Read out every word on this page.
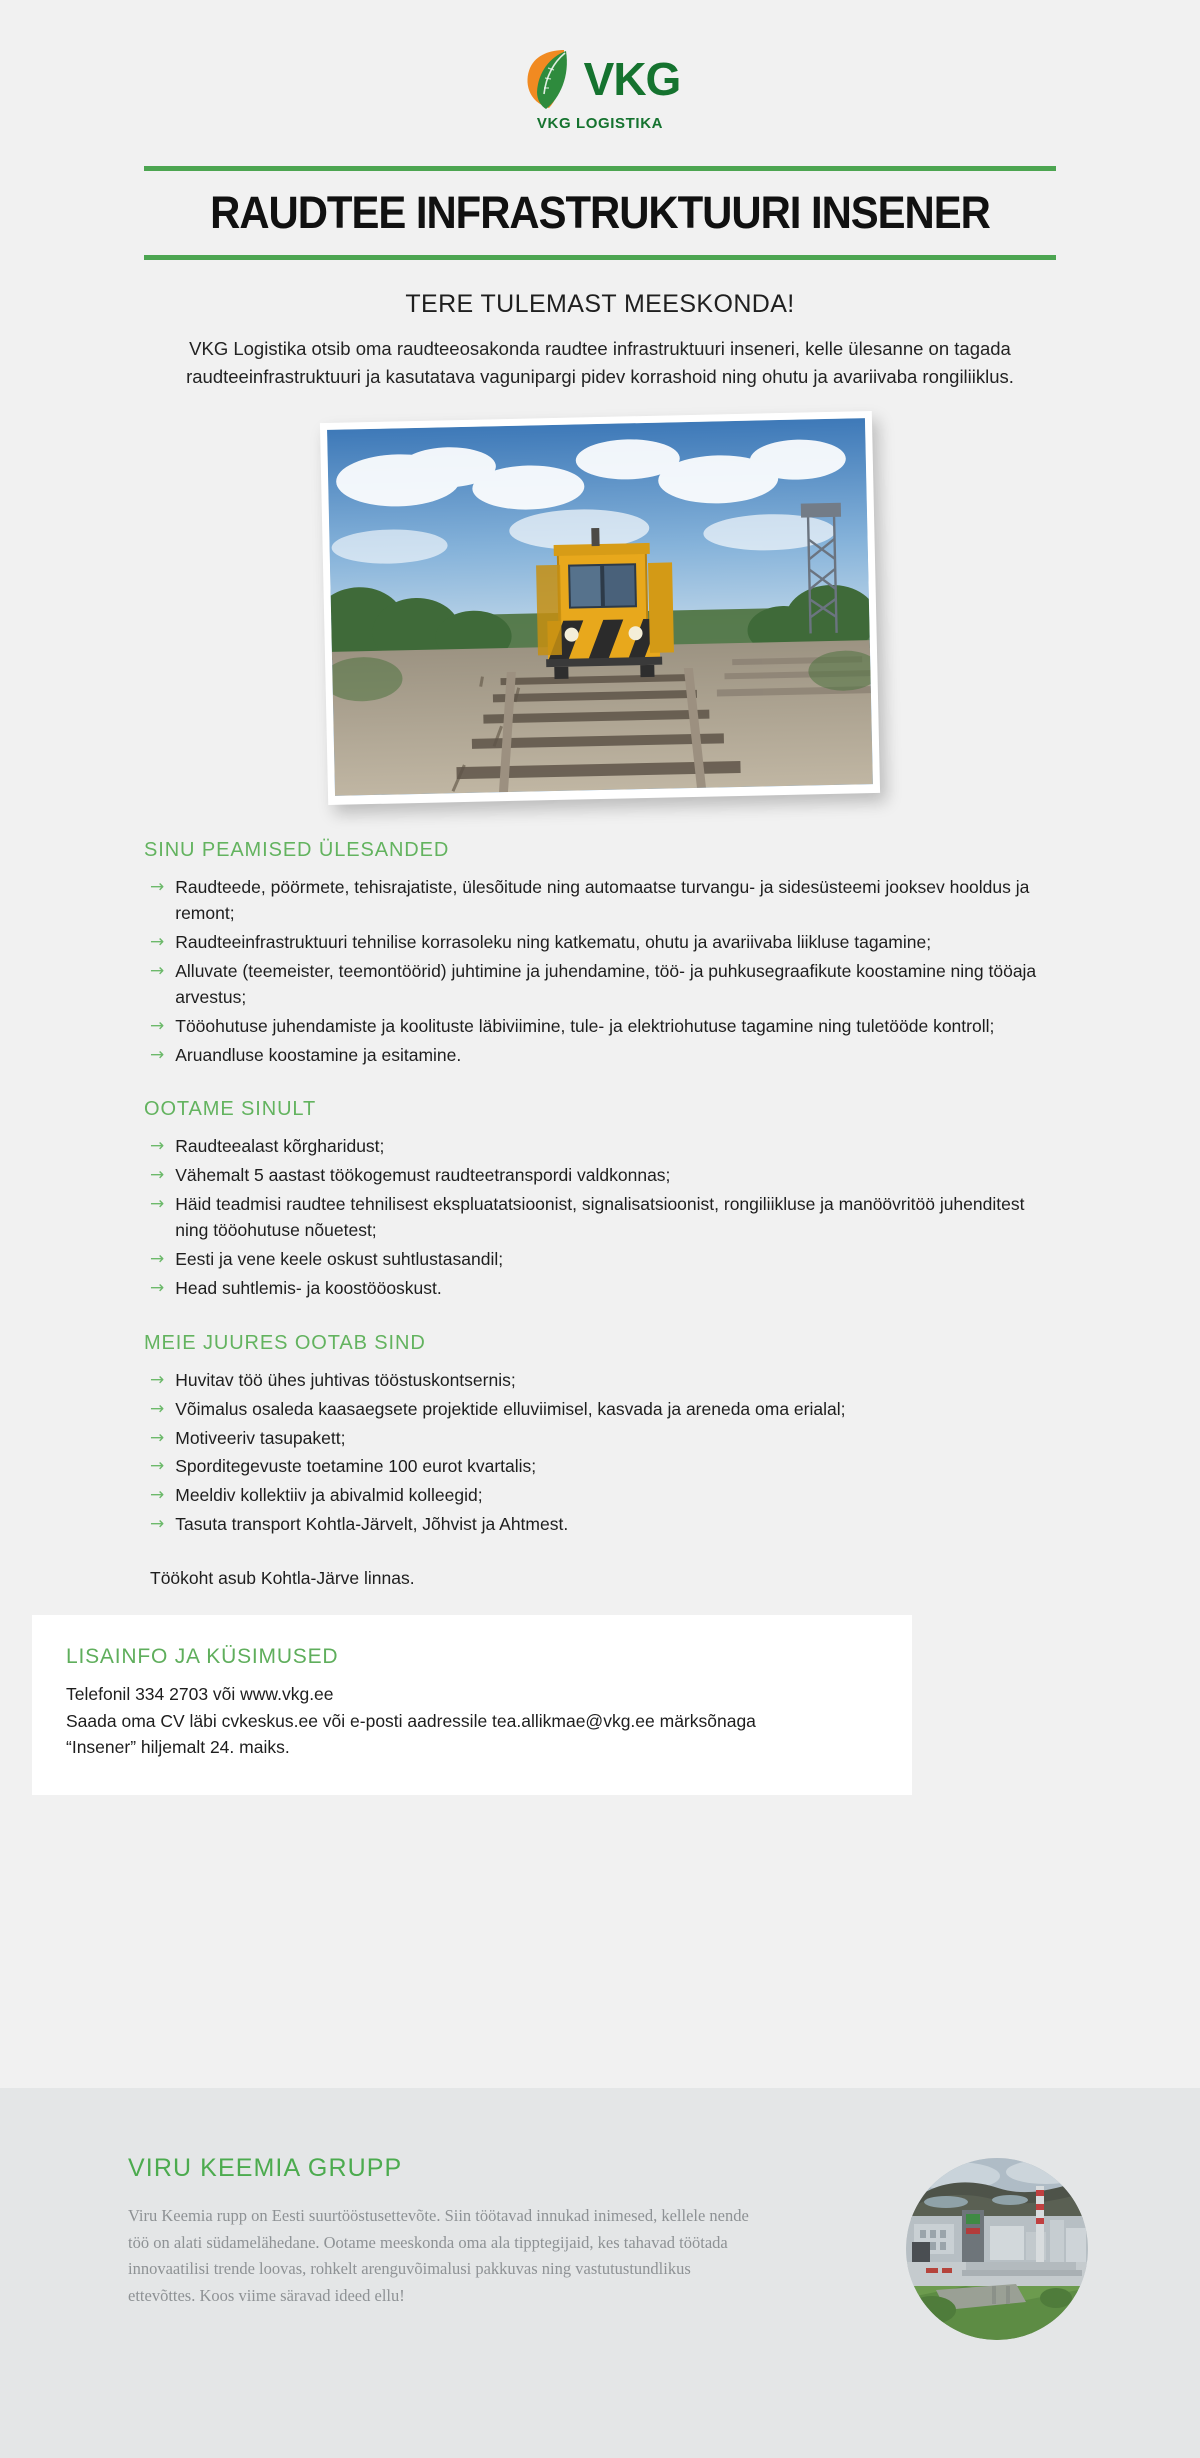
VKG
VKG LOGISTIKA
RAUDTEE INFRASTRUKTUURI INSENER
TERE TULEMAST MEESKONDA!

VKG Logistika otsib oma raudteeosakonda raudtee infrastruktuuri inseneri, kelle ülesanne on tagada raudteeinfrastruktuuri ja kasutatava vagunipargi pidev korrashoid ning ohutu ja avariivaba rongiliiklus.

SINU PEAMISED ÜLESANDED
→ Raudteede, pöörmete, tehisrajatiste, ülesõitude ning automaatse turvangu- ja sidesüsteemi jooksev hooldus ja remont;
→ Raudteeinfrastruktuuri tehnilise korrasoleku ning katkematu, ohutu ja avariivaba liikluse tagamine;
→ Alluvate (teemeister, teemontöörid) juhtimine ja juhendamine, töö- ja puhkusegraafikute koostamine ning tööaja arvestus;
→ Tööohutuse juhendamiste ja koolituste läbiviimine, tule- ja elektriohutuse tagamine ning tuletööde kontroll;
→ Aruandluse koostamine ja esitamine.
OOTAME SINULT
→ Raudteealast kõrgharidust;
→ Vähemalt 5 aastast töökogemust raudteetranspordi valdkonnas;
→ Häid teadmisi raudtee tehnilisest ekspluatatsioonist, signalisatsioonist, rongiliikluse ja manöövritöö juhenditest ning tööohutuse nõuetest;
→ Eesti ja vene keele oskust suhtlustasandil;
→ Head suhtlemis- ja koostööoskust.
MEIE JUURES OOTAB SIND
→ Huvitav töö ühes juhtivas tööstuskontsernis;
→ Võimalus osaleda kaasaegsete projektide elluviimisel, kasvada ja areneda oma erialal;
→ Motiveeriv tasupakett;
→ Sporditegevuste toetamine 100 eurot kvartalis;
→ Meeldiv kollektiiv ja abivalmid kolleegid;
→ Tasuta transport Kohtla-Järvelt, Jõhvist ja Ahtmest.
Töökoht asub Kohtla-Järve linnas.
LISAINFO JA KÜSIMUSED
Telefonil 334 2703 või www.vkg.ee
Saada oma CV läbi cvkeskus.ee või e-posti aadressile tea.allikmae@vkg.ee märksõnaga
“Insener” hiljemalt 24. maiks.
VIRU KEEMIA GRUPP

Viru Keemia rupp on Eesti suurtööstusettevõte. Siin töötavad innukad inimesed, kellele nende töö on alati südamelähedane. Ootame meeskonda oma ala tipptegijaid, kes tahavad töötada innovaatilisi trende loovas, rohkelt arenguvõimalusi pakkuvas ning vastutustundlikus ettevõttes. Koos viime säravad ideed ellu!
